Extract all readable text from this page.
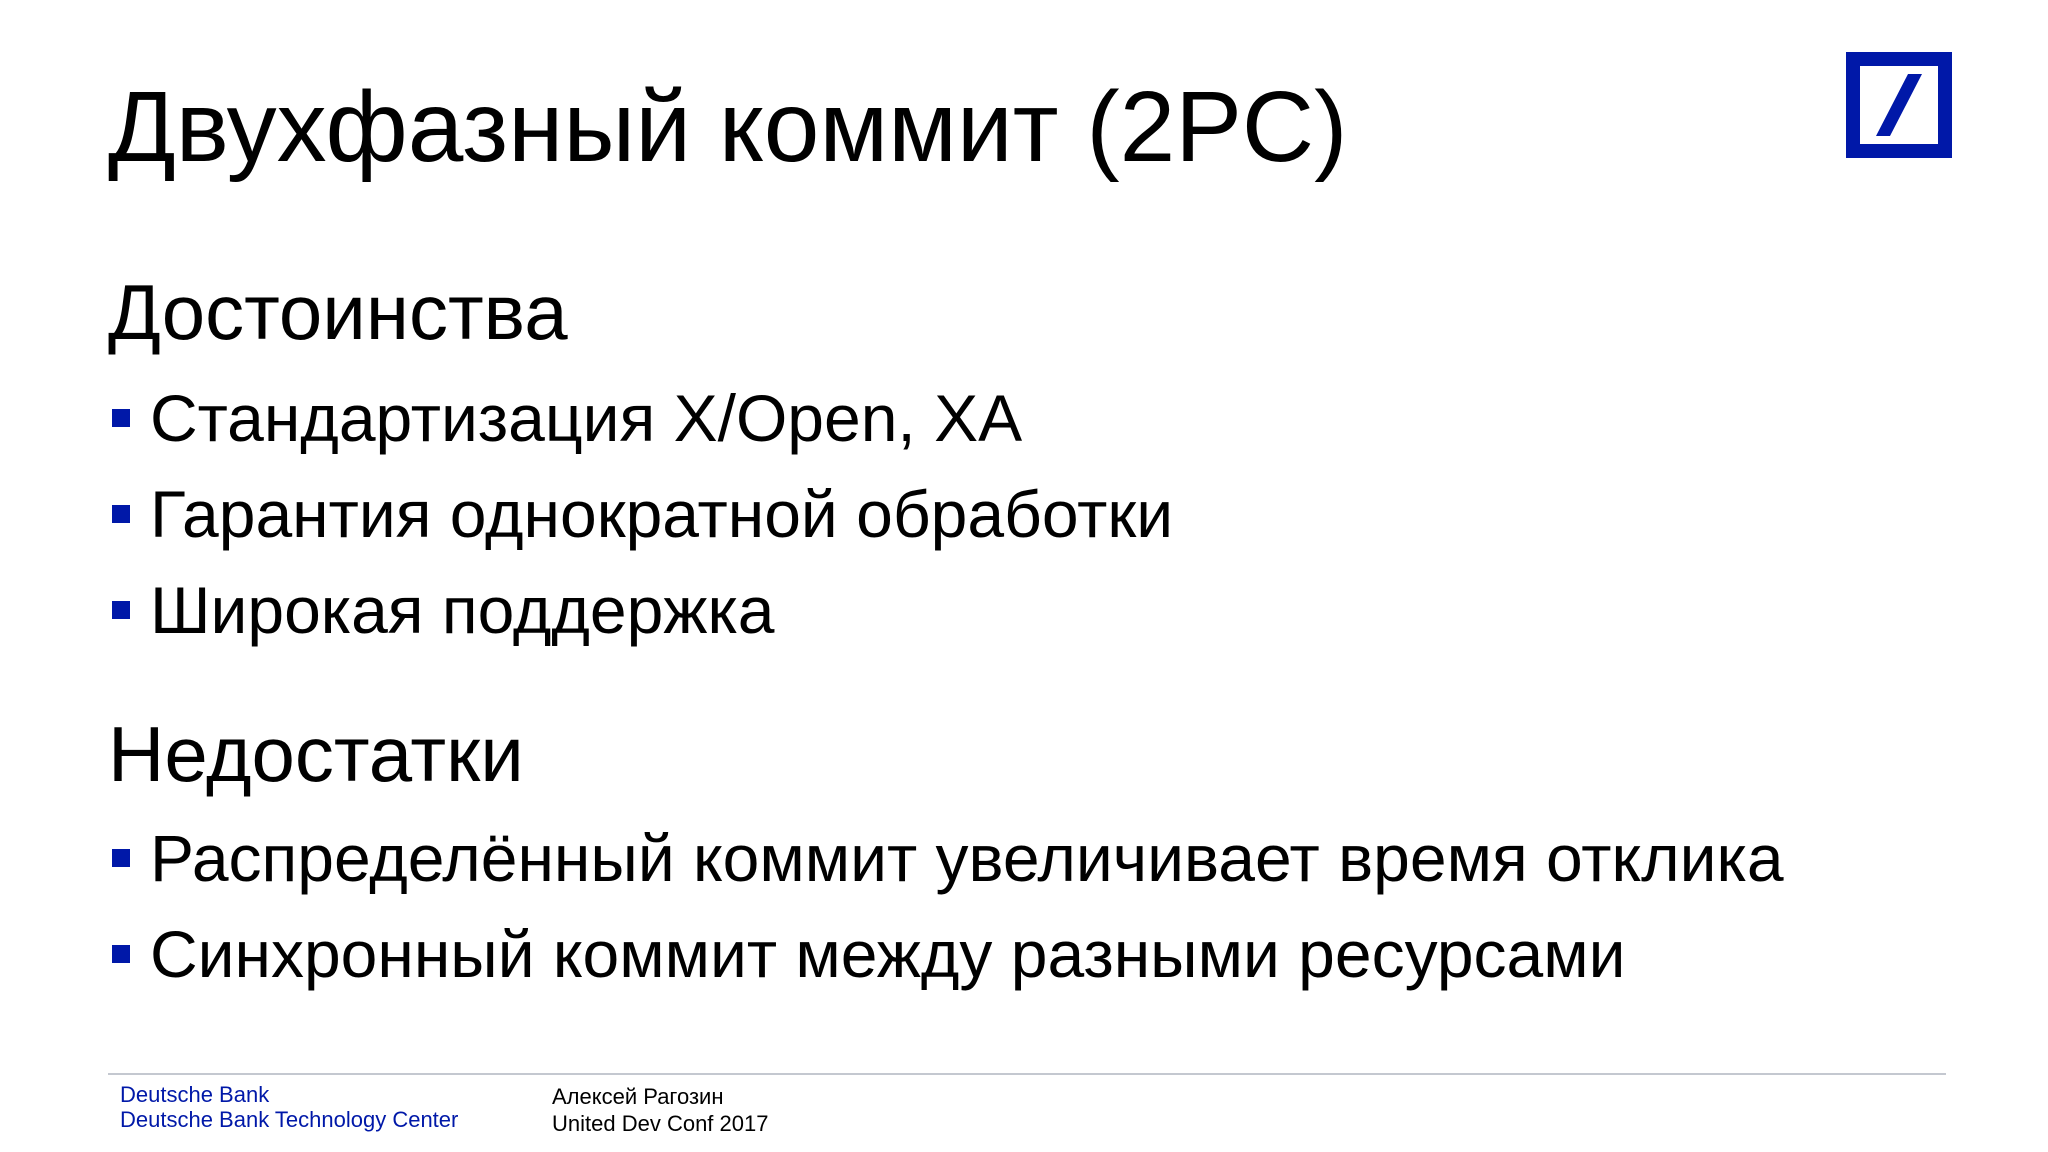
Двухфазный коммит (2PC)
Достоинства
Стандартизация X/Open, XA
Гарантия однократной обработки
Широкая поддержка
Недостатки
Распределённый коммит увеличивает время отклика
Синхронный коммит между разными ресурсами
Deutsche Bank
Deutsche Bank Technology Center
Алексей Рагозин
United Dev Conf 2017
